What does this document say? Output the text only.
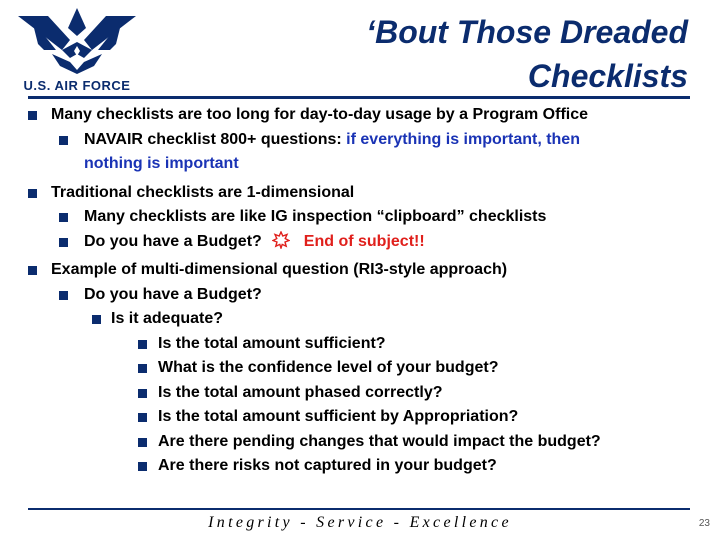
U.S. AIR FORCE
‘Bout Those Dreaded
Checklists
Many checklists are too long for day-to-day usage by a Program Office
NAVAIR checklist 800+ questions: if everything is important, then
nothing is important
Traditional checklists are 1-dimensional
Many checklists are like IG inspection “clipboard” checklists
Do you have a Budget?	End of subject!!
Example of multi-dimensional question (RI3-style approach)
Do you have a Budget?
Is it adequate?
Is the total amount sufficient?
What is the confidence level of your budget?
Is the total amount phased correctly?
Is the total amount sufficient by Appropriation?
Are there pending changes that would impact the budget?
Are there risks not captured in your budget?
Integrity - Service - Excellence	23
